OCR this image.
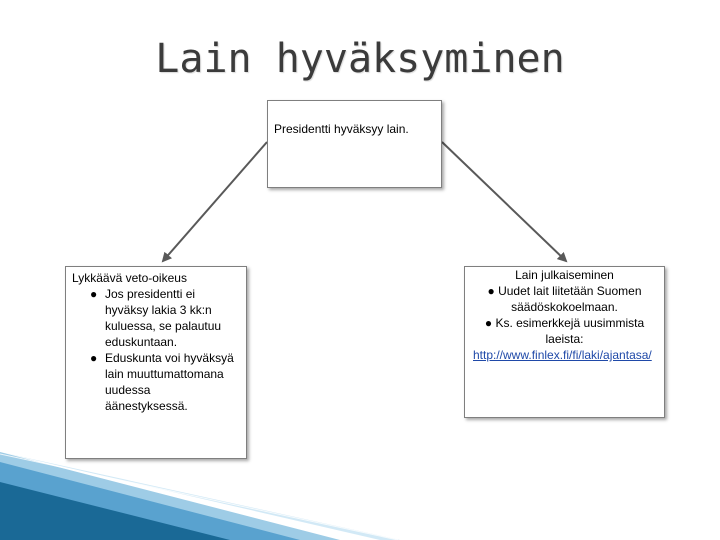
Lain hyväksyminen
Presidentti hyväksyy lain.
Lykkäävä veto-oikeus
● Jos presidentti ei hyväksy lakia 3 kk:n kuluessa, se palautuu eduskuntaan.
● Eduskunta voi hyväksyä lain muuttumattomana uudessa äänestyksessä.
Lain julkaiseminen
● Uudet lait liitetään Suomen säädöskokoelmaan.
● Ks. esimerkkejä uusimmista laeista:
http://www.finlex.fi/fi/laki/ajantasa/
